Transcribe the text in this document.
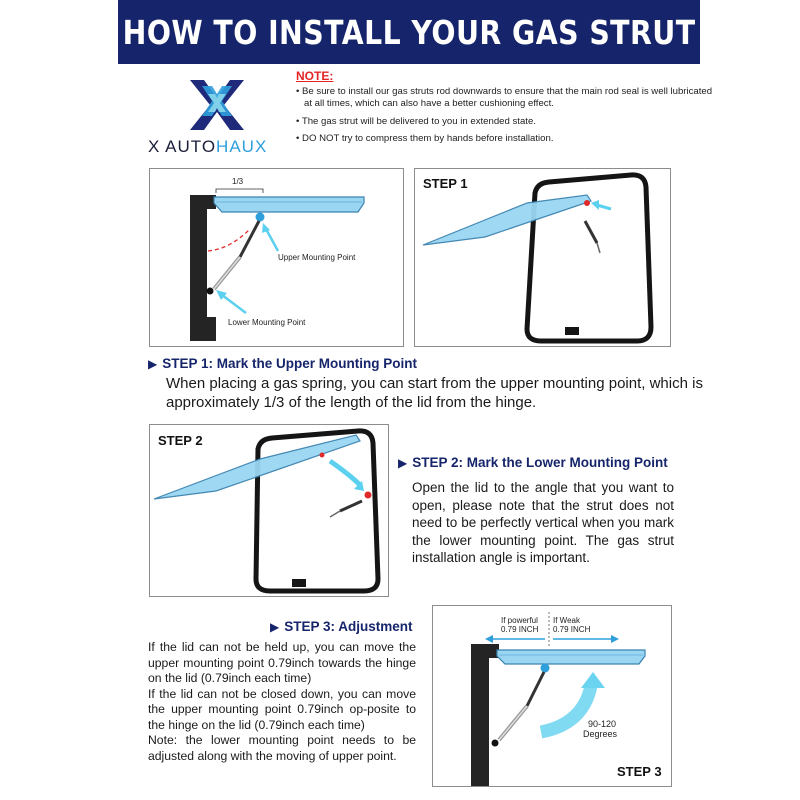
HOW TO INSTALL YOUR GAS STRUT
X AUTOHAUX
NOTE:
• Be sure to install our gas struts rod downwards to ensure that the main rod seal is well lubricated at all times, which can also have a better cushioning effect.
• The gas strut will be delivered to you in extended state.
• DO NOT try to compress them by hands before installation.
1/3
Upper Mounting Point
Lower Mounting Point
STEP 1
▶ STEP 1: Mark the Upper Mounting Point
When placing a gas spring, you can start from the upper mounting point, which is approximately 1/3 of the length of the lid from the hinge.
STEP 2
▶ STEP 2: Mark the Lower Mounting Point
Open the lid to the angle that you want to open, please note that the strut does not need to be perfectly vertical when you mark the lower mounting point. The gas strut installation angle is important.
▶ STEP 3: Adjustment

If the lid can not be held up, you can move the upper mounting point 0.79inch towards the hinge on the lid (0.79inch each time)

If the lid can not be closed down, you can move the upper mounting point 0.79inch op-posite to the hinge on the lid (0.79inch each time)

Note: the lower mounting point needs to be adjusted along with the moving of upper point.

If powerful
0.79 INCH
If Weak
0.79 INCH
90-120
Degrees
STEP 3
